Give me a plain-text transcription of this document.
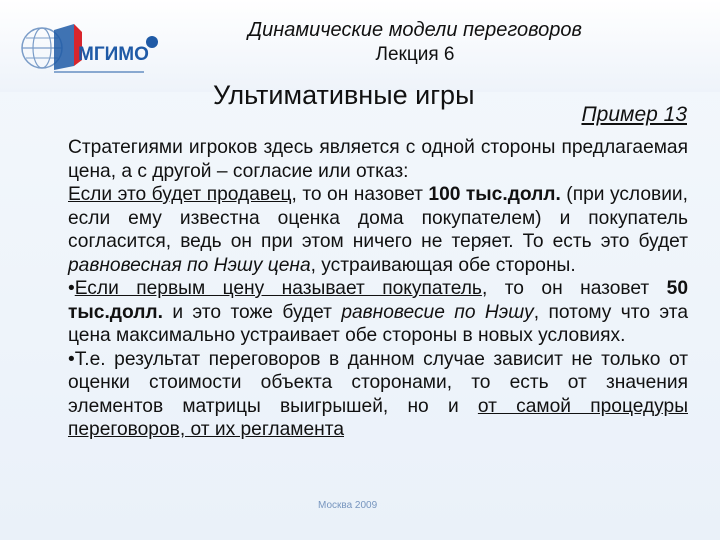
МГИМО
Динамические модели переговоров
Лекция 6
Ультимативные игры
Пример 13

Стратегиями игроков здесь является с одной стороны предлагаемая цена, а с другой – согласие или отказ:

Если это будет продавец, то он назовет 100 тыс.долл. (при условии, если ему известна оценка дома покупателем) и покупатель согласится, ведь он при этом ничего не теряет. То есть это будет равновесная по Нэшу цена, устраивающая обе стороны.

•Если первым цену называет покупатель, то он назовет 50 тыс.долл. и это тоже будет равновесие по Нэшу, потому что эта цена максимально устраивает обе стороны в новых условиях.

•Т.е. результат переговоров в данном случае зависит не только от оценки стоимости объекта сторонами, то есть от значения элементов матрицы выигрышей, но и от самой процедуры переговоров, от их регламента

Москва 2009
